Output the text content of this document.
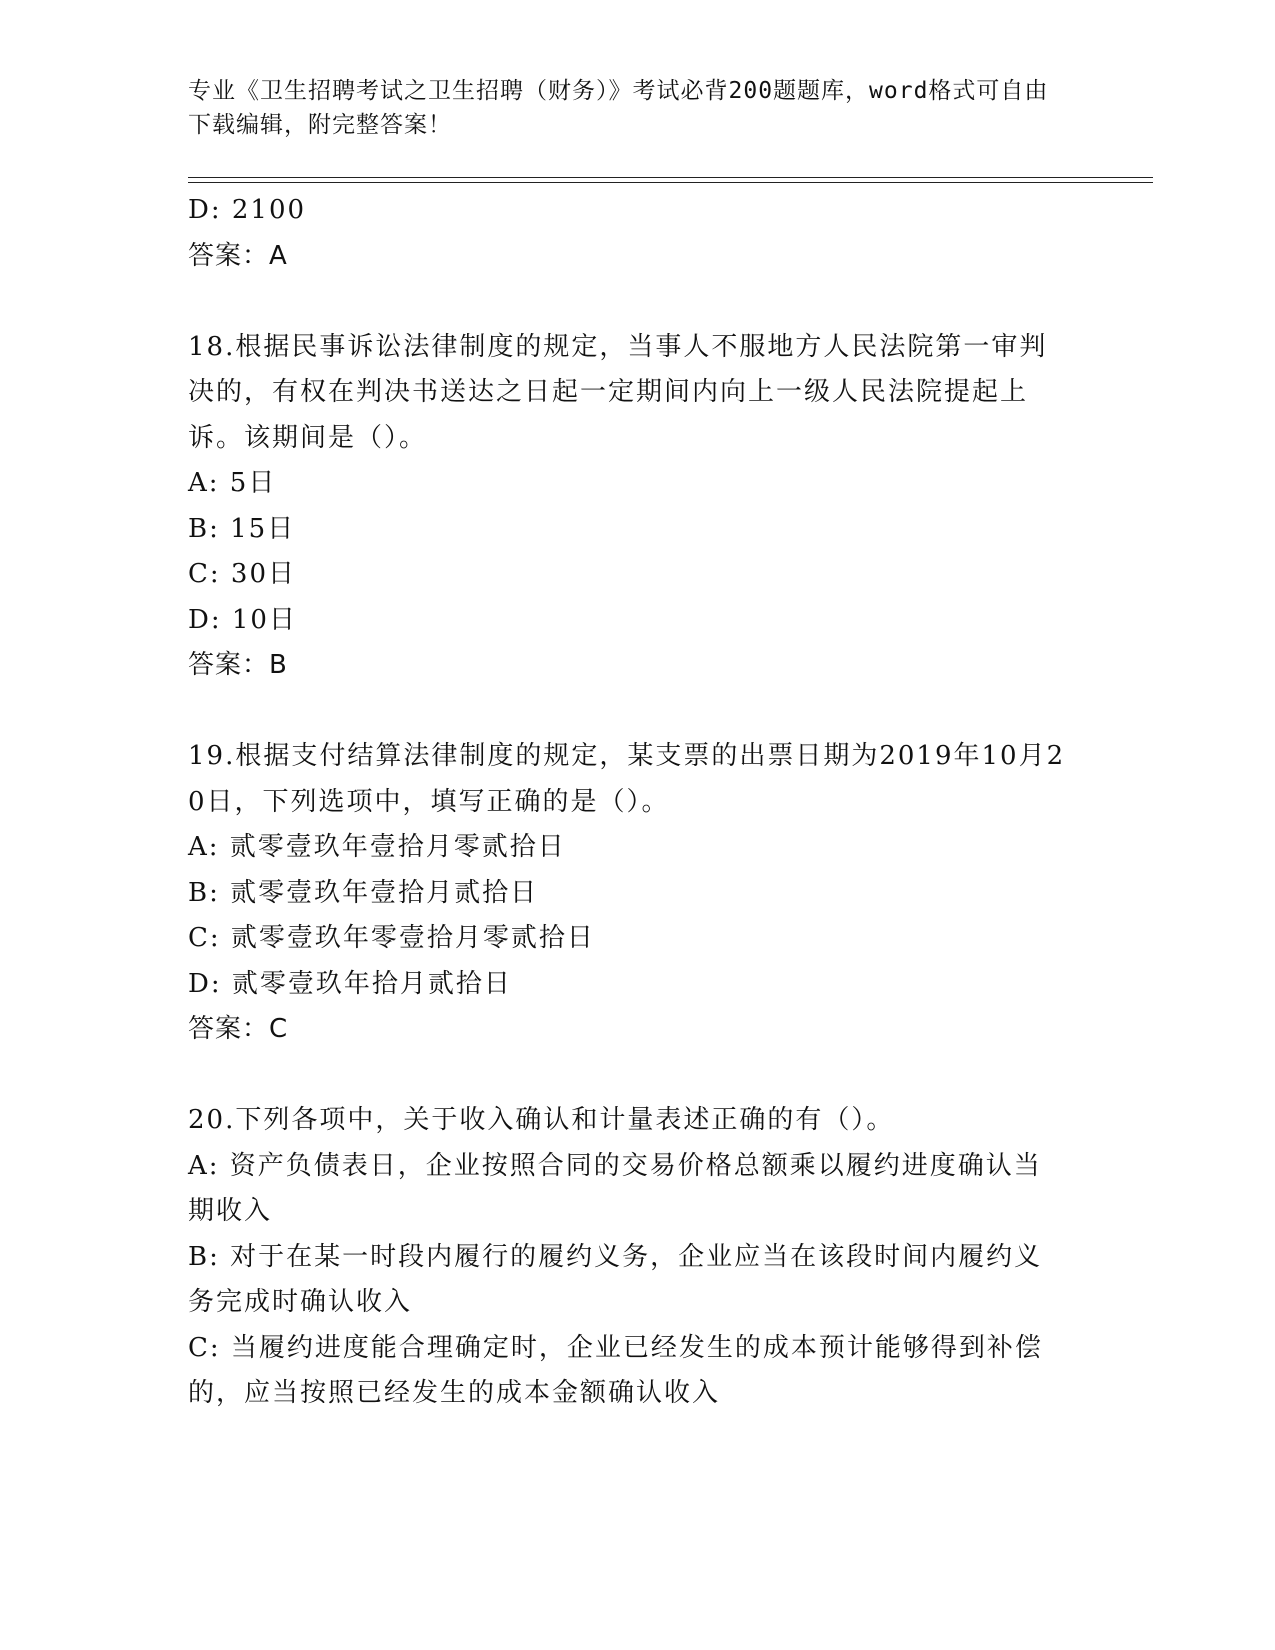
专业《卫生招聘考试之卫生招聘（财务）》考试必背200题题库，word格式可自由下载编辑，附完整答案！
D: 2100
答案：A
18.根据民事诉讼法律制度的规定，当事人不服地方人民法院第一审判决的，有权在判决书送达之日起一定期间内向上一级人民法院提起上诉。该期间是（）。
A: 5日
B: 15日
C: 30日
D: 10日
答案：B
19.根据支付结算法律制度的规定，某支票的出票日期为2019年10月20日，下列选项中，填写正确的是（）。
A: 贰零壹玖年壹拾月零贰拾日
B: 贰零壹玖年壹拾月贰拾日
C: 贰零壹玖年零壹拾月零贰拾日
D: 贰零壹玖年拾月贰拾日
答案：C
20.下列各项中，关于收入确认和计量表述正确的有（）。
A: 资产负债表日，企业按照合同的交易价格总额乘以履约进度确认当期收入
B: 对于在某一时段内履行的履约义务，企业应当在该段时间内履约义务完成时确认收入
C: 当履约进度能合理确定时，企业已经发生的成本预计能够得到补偿的，应当按照已经发生的成本金额确认收入
